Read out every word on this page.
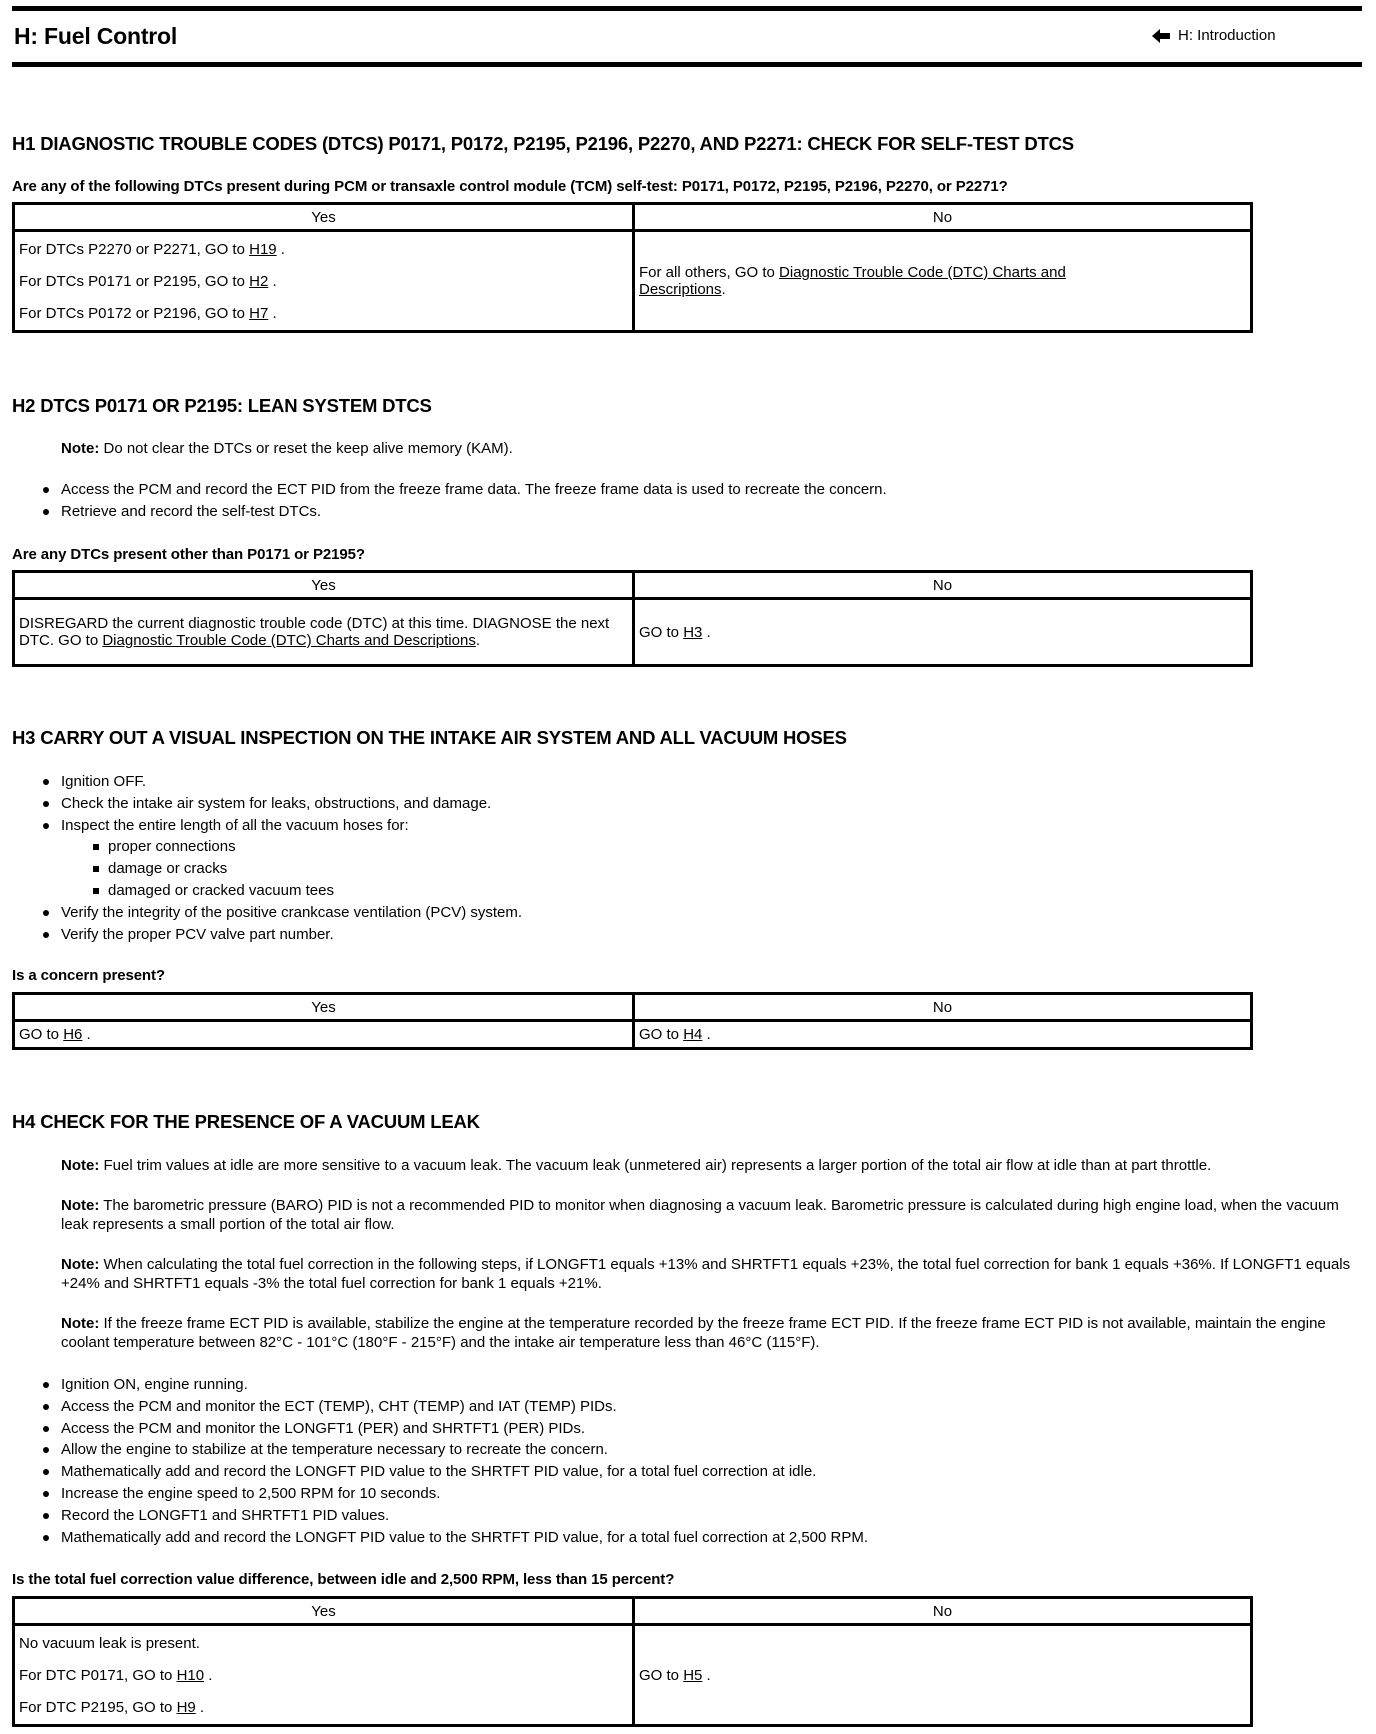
H: Fuel Control	H: Introduction
H1 DIAGNOSTIC TROUBLE CODES (DTCS) P0171, P0172, P2195, P2196, P2270, AND P2271: CHECK FOR SELF-TEST DTCS
Are any of the following DTCs present during PCM or transaxle control module (TCM) self-test: P0171, P0172, P2195, P2196, P2270, or P2271?
Yes	No

For DTCs P2270 or P2271, GO to H19 .
For DTCs P0171 or P2195, GO to H2 .
For DTCs P0172 or P2196, GO to H7 .	For all others, GO to Diagnostic Trouble Code (DTC) Charts and Descriptions.
H2 DTCS P0171 OR P2195: LEAN SYSTEM DTCS
Note: Do not clear the DTCs or reset the keep alive memory (KAM).
Access the PCM and record the ECT PID from the freeze frame data. The freeze frame data is used to recreate the concern.
Retrieve and record the self-test DTCs.
Are any DTCs present other than P0171 or P2195?
Yes	No
DISREGARD the current diagnostic trouble code (DTC) at this time. DIAGNOSE the next DTC. GO to Diagnostic Trouble Code (DTC) Charts and Descriptions.	GO to H3 .
H3 CARRY OUT A VISUAL INSPECTION ON THE INTAKE AIR SYSTEM AND ALL VACUUM HOSES
Ignition OFF.
Check the intake air system for leaks, obstructions, and damage.
Inspect the entire length of all the vacuum hoses for:
proper connections
damage or cracks
damaged or cracked vacuum tees
Verify the integrity of the positive crankcase ventilation (PCV) system.
Verify the proper PCV valve part number.
Is a concern present?
Yes	No
GO to H6 .	GO to H4 .
H4 CHECK FOR THE PRESENCE OF A VACUUM LEAK
Note: Fuel trim values at idle are more sensitive to a vacuum leak. The vacuum leak (unmetered air) represents a larger portion of the total air flow at idle than at part throttle.
Note: The barometric pressure (BARO) PID is not a recommended PID to monitor when diagnosing a vacuum leak. Barometric pressure is calculated during high engine load, when the vacuum leak represents a small portion of the total air flow.
Note: When calculating the total fuel correction in the following steps, if LONGFT1 equals +13% and SHRTFT1 equals +23%, the total fuel correction for bank 1 equals +36%. If LONGFT1 equals +24% and SHRTFT1 equals -3% the total fuel correction for bank 1 equals +21%.
Note: If the freeze frame ECT PID is available, stabilize the engine at the temperature recorded by the freeze frame ECT PID. If the freeze frame ECT PID is not available, maintain the engine coolant temperature between 82°C - 101°C (180°F - 215°F) and the intake air temperature less than 46°C (115°F).
Ignition ON, engine running.
Access the PCM and monitor the ECT (TEMP), CHT (TEMP) and IAT (TEMP) PIDs.
Access the PCM and monitor the LONGFT1 (PER) and SHRTFT1 (PER) PIDs.
Allow the engine to stabilize at the temperature necessary to recreate the concern.
Mathematically add and record the LONGFT PID value to the SHRTFT PID value, for a total fuel correction at idle.
Increase the engine speed to 2,500 RPM for 10 seconds.
Record the LONGFT1 and SHRTFT1 PID values.
Mathematically add and record the LONGFT PID value to the SHRTFT PID value, for a total fuel correction at 2,500 RPM.
Is the total fuel correction value difference, between idle and 2,500 RPM, less than 15 percent?
Yes	No

No vacuum leak is present.
For DTC P0171, GO to H10 .
For DTC P2195, GO to H9 .	GO to H5 .
